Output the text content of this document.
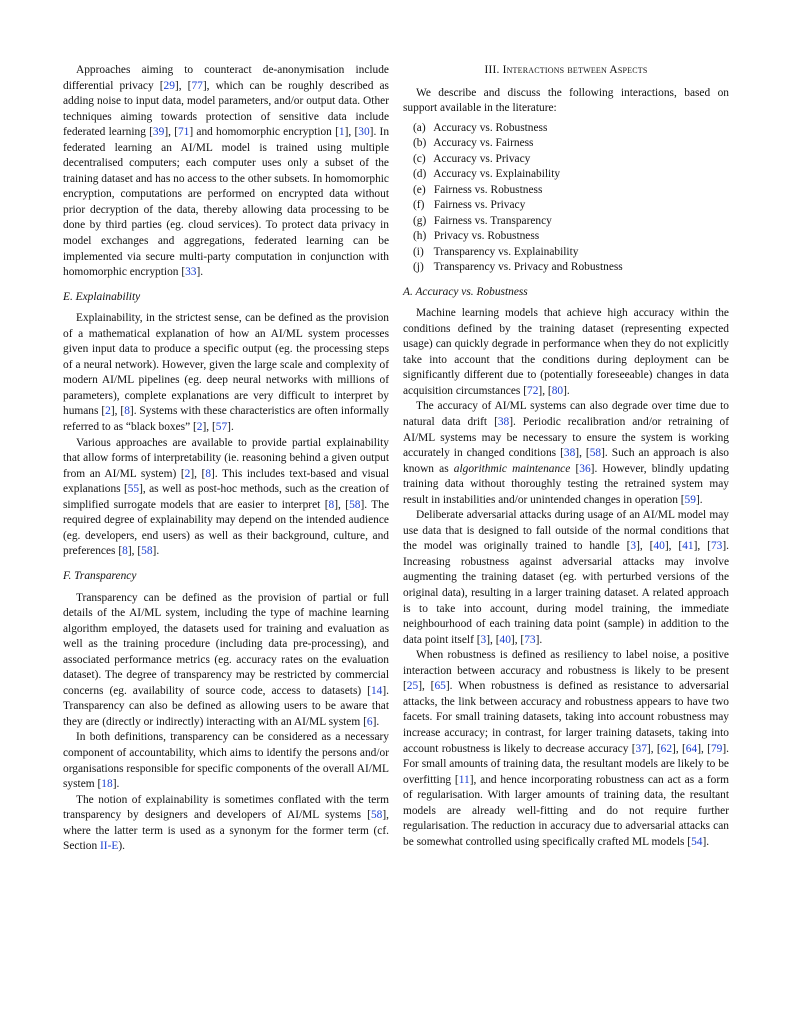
Approaches aiming to counteract de-anonymisation include differential privacy [29], [77], which can be roughly described as adding noise to input data, model parameters, and/or output data. Other techniques aiming towards protection of sensitive data include federated learning [39], [71] and homomorphic encryption [1], [30]. In federated learning an AI/ML model is trained using multiple decentralised computers; each computer uses only a subset of the training dataset and has no access to the other subsets. In homomorphic encryption, computations are performed on encrypted data without prior decryption of the data, thereby allowing data processing to be done by third parties (eg. cloud services). To protect data privacy in model exchanges and aggregations, federated learning can be implemented via secure multi-party computation in conjunction with homomorphic encryption [33].

E. Explainability

Explainability, in the strictest sense, can be defined as the provision of a mathematical explanation of how an AI/ML system processes given input data to produce a specific output (eg. the processing steps of a neural network). However, given the large scale and complexity of modern AI/ML pipelines (eg. deep neural networks with millions of parameters), complete explanations are very difficult to interpret by humans [2], [8]. Systems with these characteristics are often informally referred to as “black boxes” [2], [57].

Various approaches are available to provide partial explainability that allow forms of interpretability (ie. reasoning behind a given output from an AI/ML system) [2], [8]. This includes text-based and visual explanations [55], as well as post-hoc methods, such as the creation of simplified surrogate models that are easier to interpret [8], [58]. The required degree of explainability may depend on the intended audience (eg. developers, end users) as well as their background, culture, and preferences [8], [58].

F. Transparency

Transparency can be defined as the provision of partial or full details of the AI/ML system, including the type of machine learning algorithm employed, the datasets used for training and evaluation as well as the training procedure (including data pre-processing), and associated performance metrics (eg. accuracy rates on the evaluation dataset). The degree of transparency may be restricted by commercial concerns (eg. availability of source code, access to datasets) [14]. Transparency can also be defined as allowing users to be aware that they are (directly or indirectly) interacting with an AI/ML system [6].

In both definitions, transparency can be considered as a necessary component of accountability, which aims to identify the persons and/or organisations responsible for specific components of the overall AI/ML system [18].

The notion of explainability is sometimes conflated with the term transparency by designers and developers of AI/ML systems [58], where the latter term is used as a synonym for the former term (cf. Section II-E).

III. Interactions between Aspects

We describe and discuss the following interactions, based on support available in the literature:

(a) Accuracy vs. Robustness
(b) Accuracy vs. Fairness
(c) Accuracy vs. Privacy
(d) Accuracy vs. Explainability
(e) Fairness vs. Robustness
(f) Fairness vs. Privacy
(g) Fairness vs. Transparency
(h) Privacy vs. Robustness
(i) Transparency vs. Explainability
(j) Transparency vs. Privacy and Robustness
A. Accuracy vs. Robustness

Machine learning models that achieve high accuracy within the conditions defined by the training dataset (representing expected usage) can quickly degrade in performance when they do not explicitly take into account that the conditions during deployment can be significantly different due to (potentially foreseeable) changes in data acquisition circumstances [72], [80].

The accuracy of AI/ML systems can also degrade over time due to natural data drift [38]. Periodic recalibration and/or retraining of AI/ML systems may be necessary to ensure the system is working accurately in changed conditions [38], [58]. Such an approach is also known as algorithmic maintenance [36]. However, blindly updating training data without thoroughly testing the retrained system may result in instabilities and/or unintended changes in operation [59].

Deliberate adversarial attacks during usage of an AI/ML model may use data that is designed to fall outside of the normal conditions that the model was originally trained to handle [3], [40], [41], [73]. Increasing robustness against adversarial attacks may involve augmenting the training dataset (eg. with perturbed versions of the original data), resulting in a larger training dataset. A related approach is to take into account, during model training, the immediate neighbourhood of each training data point (sample) in addition to the data point itself [3], [40], [73].

When robustness is defined as resiliency to label noise, a positive interaction between accuracy and robustness is likely to be present [25], [65]. When robustness is defined as resistance to adversarial attacks, the link between accuracy and robustness appears to have two facets. For small training datasets, taking into account robustness may increase accuracy; in contrast, for larger training datasets, taking into account robustness is likely to decrease accuracy [37], [62], [64], [79]. For small amounts of training data, the resultant models are likely to be overfitting [11], and hence incorporating robustness can act as a form of regularisation. With larger amounts of training data, the resultant models are already well-fitting and do not require further regularisation. The reduction in accuracy due to adversarial attacks can be somewhat controlled using specifically crafted ML models [54].
